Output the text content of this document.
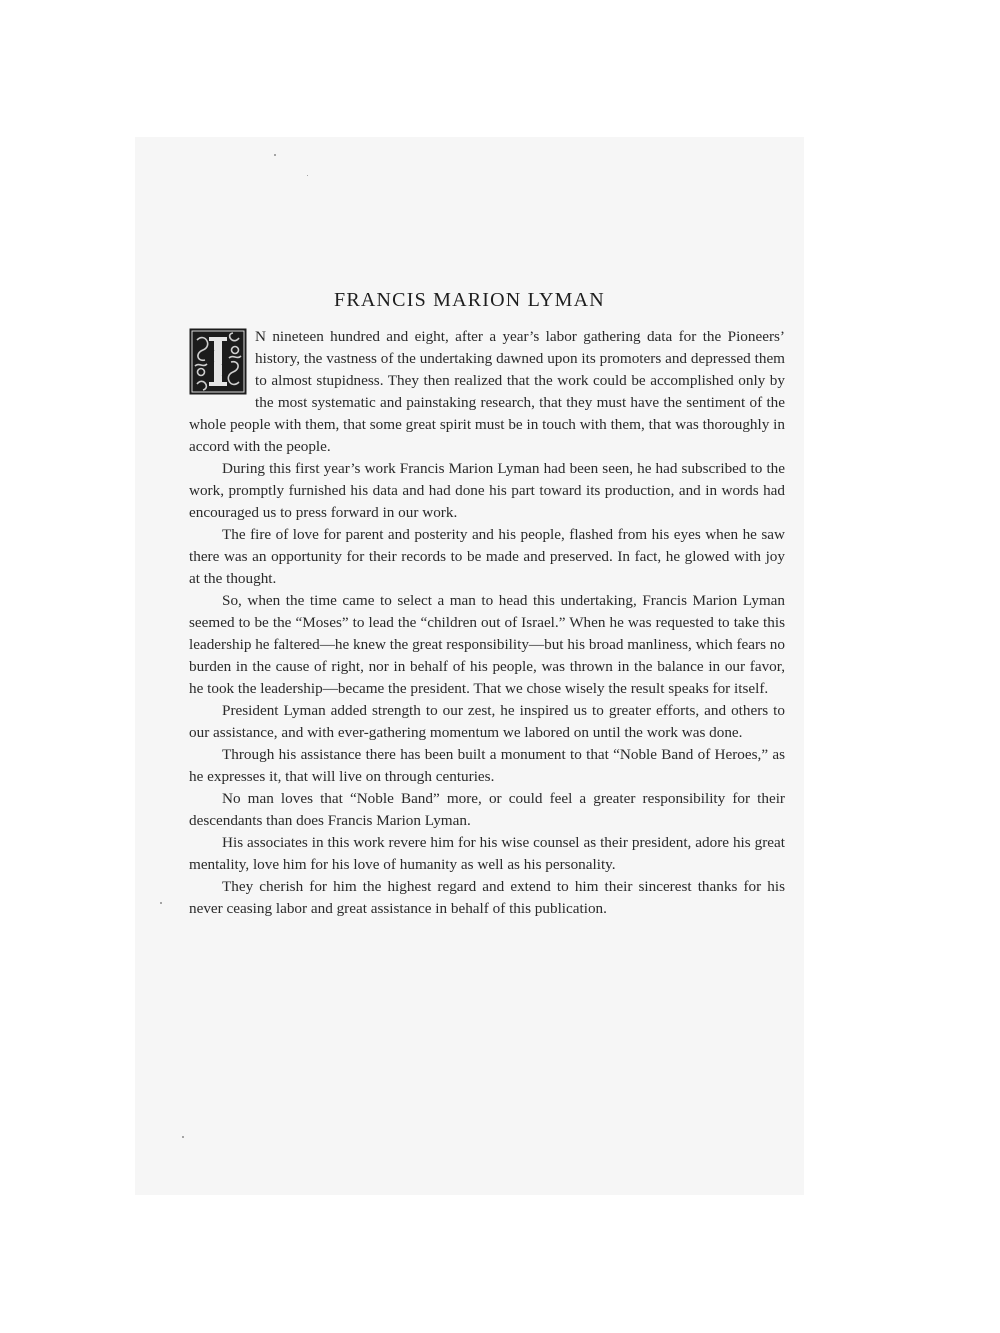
FRANCIS MARION LYMAN

N nineteen hundred and eight, after a year’s labor gathering data for the Pioneers’ history, the vastness of the undertaking dawned upon its promoters and depressed them to almost stupidness. They then realized that the work could be accomplished only by the most systematic and painstaking research, that they must have the sentiment of the whole people with them, that some great spirit must be in touch with them, that was thoroughly in accord with the people.

During this first year’s work Francis Marion Lyman had been seen, he had subscribed to the work, promptly furnished his data and had done his part toward its production, and in words had encouraged us to press forward in our work.

The fire of love for parent and posterity and his people, flashed from his eyes when he saw there was an opportunity for their records to be made and preserved. In fact, he glowed with joy at the thought.

So, when the time came to select a man to head this undertaking, Francis Marion Lyman seemed to be the “Moses” to lead the “children out of Israel.” When he was requested to take this leadership he faltered—he knew the great responsibility—but his broad manliness, which fears no burden in the cause of right, nor in behalf of his people, was thrown in the balance in our favor, he took the leadership—became the president. That we chose wisely the result speaks for itself.

President Lyman added strength to our zest, he inspired us to greater efforts, and others to our assistance, and with ever-gathering momentum we labored on until the work was done.

Through his assistance there has been built a monument to that “Noble Band of Heroes,” as he expresses it, that will live on through centuries.

No man loves that “Noble Band” more, or could feel a greater responsibility for their descendants than does Francis Marion Lyman.

His associates in this work revere him for his wise counsel as their president, adore his great mentality, love him for his love of humanity as well as his personality.

They cherish for him the highest regard and extend to him their sincerest thanks for his never ceasing labor and great assistance in behalf of this publication.
